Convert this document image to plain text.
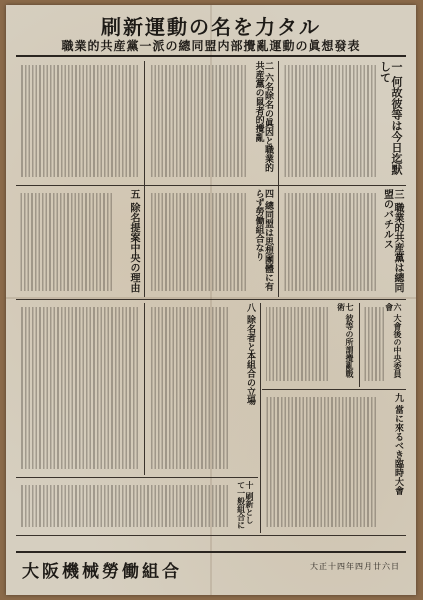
刷新運動の名を力タル
職業的共産黨一派の總同盟内部攪亂運動の眞想發表
一 何故彼等は今日迄默して
二 六名除名の眞因と職業的共産黨の鼠者的攪亂
三 職業的共産黨は總同盟のバチルス
四 總同盟は思想團體に有らず勞働組合なり
五 除名提案中央の理由
六 大會後の中央委員會
七 彼等の所謂攪亂戰術
八 除名者と本組合の立場
九 當に來るべき臨時大會
十 刷新として一般組合に
大阪機械勞働組合	大正十四年四月廿六日
